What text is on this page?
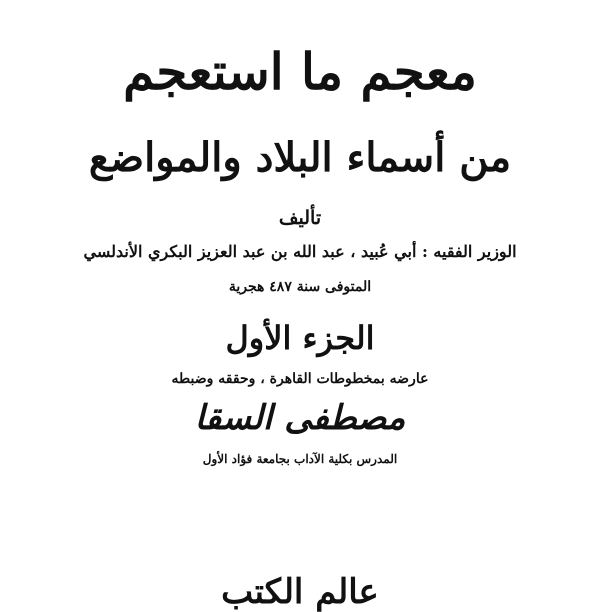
معجم ما استعجم
من أسماء البلاد والمواضع
تأليف
الوزير الفقيه : أبي عُبيد ، عبد الله بن عبد العزيز البكري الأندلسي
المتوفى سنة ٤٨٧ هجرية
الجزء الأول
عارضه بمخطوطات القاهرة ، وحققه وضبطه
مصطفى السقا
المدرس بكلية الآداب بجامعة فؤاد الأول
عالم الكتب
